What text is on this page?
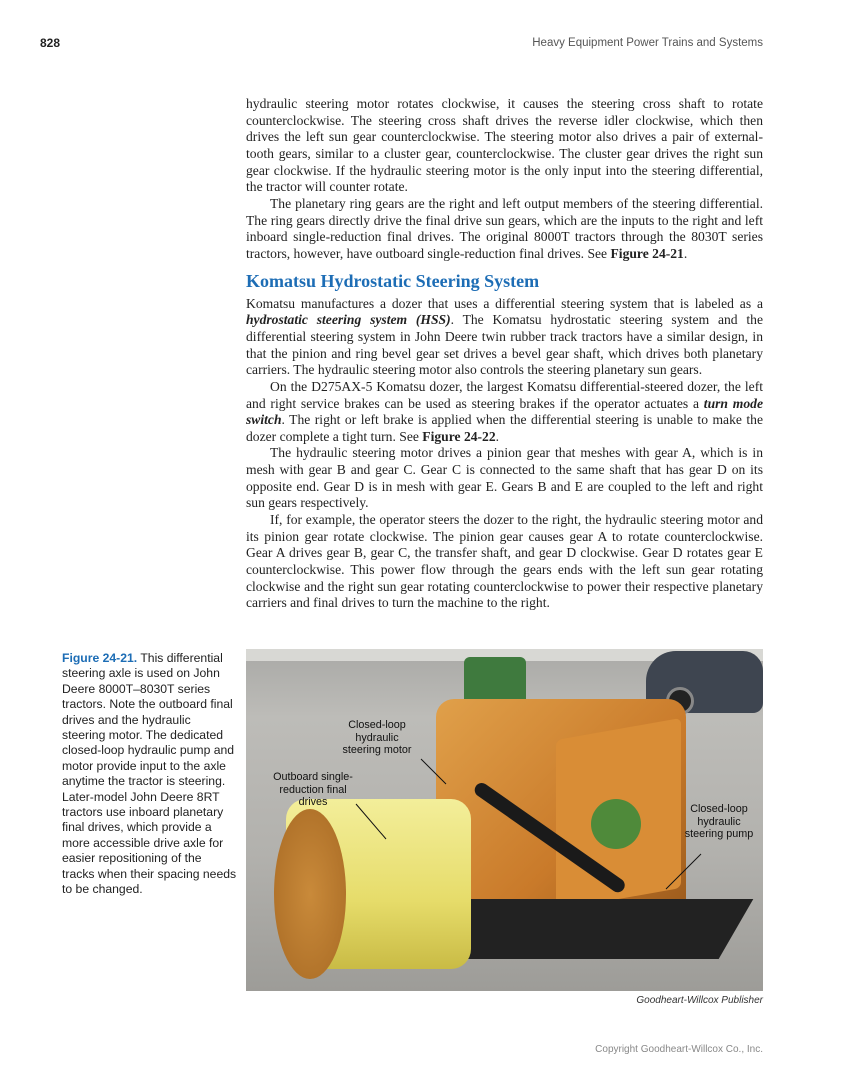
828	Heavy Equipment Power Trains and Systems

hydraulic steering motor rotates clockwise, it causes the steering cross shaft to rotate counterclockwise. The steering cross shaft drives the reverse idler clockwise, which then drives the left sun gear counterclockwise. The steering motor also drives a pair of external-tooth gears, similar to a cluster gear, counterclockwise. The cluster gear drives the right sun gear clockwise. If the hydraulic steering motor is the only input into the steering differential, the tractor will counter rotate.

The planetary ring gears are the right and left output members of the steering differential. The ring gears directly drive the final drive sun gears, which are the inputs to the right and left inboard single-reduction final drives. The original 8000T tractors through the 8030T series tractors, however, have outboard single-reduction final drives. See Figure 24-21.

Komatsu Hydrostatic Steering System

Komatsu manufactures a dozer that uses a differential steering system that is labeled as a hydrostatic steering system (HSS). The Komatsu hydrostatic steering system and the differential steering system in John Deere twin rubber track tractors have a similar design, in that the pinion and ring bevel gear set drives a bevel gear shaft, which drives both planetary carriers. The hydraulic steering motor also controls the steering planetary sun gears.

On the D275AX-5 Komatsu dozer, the largest Komatsu differential-steered dozer, the left and right service brakes can be used as steering brakes if the operator actuates a turn mode switch. The right or left brake is applied when the differential steering is unable to make the dozer complete a tight turn. See Figure 24-22.

The hydraulic steering motor drives a pinion gear that meshes with gear A, which is in mesh with gear B and gear C. Gear C is connected to the same shaft that has gear D on its opposite end. Gear D is in mesh with gear E. Gears B and E are coupled to the left and right sun gears respectively.

If, for example, the operator steers the dozer to the right, the hydraulic steering motor and its pinion gear rotate clockwise. The pinion gear causes gear A to rotate counterclockwise. Gear A drives gear B, gear C, the transfer shaft, and gear D clockwise. Gear D rotates gear E counterclockwise. This power flow through the gears ends with the left sun gear rotating clockwise and the right sun gear rotating counterclockwise to power their respective planetary carriers and final drives to turn the machine to the right.

Figure 24-21. This differential steering axle is used on John Deere 8000T–8030T series tractors. Note the outboard final drives and the hydraulic steering motor. The dedicated closed-loop hydraulic pump and motor provide input to the axle anytime the tractor is steering. Later-model John Deere 8RT tractors use inboard planetary final drives, which provide a more accessible drive axle for easier repositioning of the tracks when their spacing needs to be changed.
Closed-loop hydraulic steering motor
Outboard single-reduction final drives
Closed-loop hydraulic steering pump
Goodheart-Willcox Publisher
Copyright Goodheart-Willcox Co., Inc.
